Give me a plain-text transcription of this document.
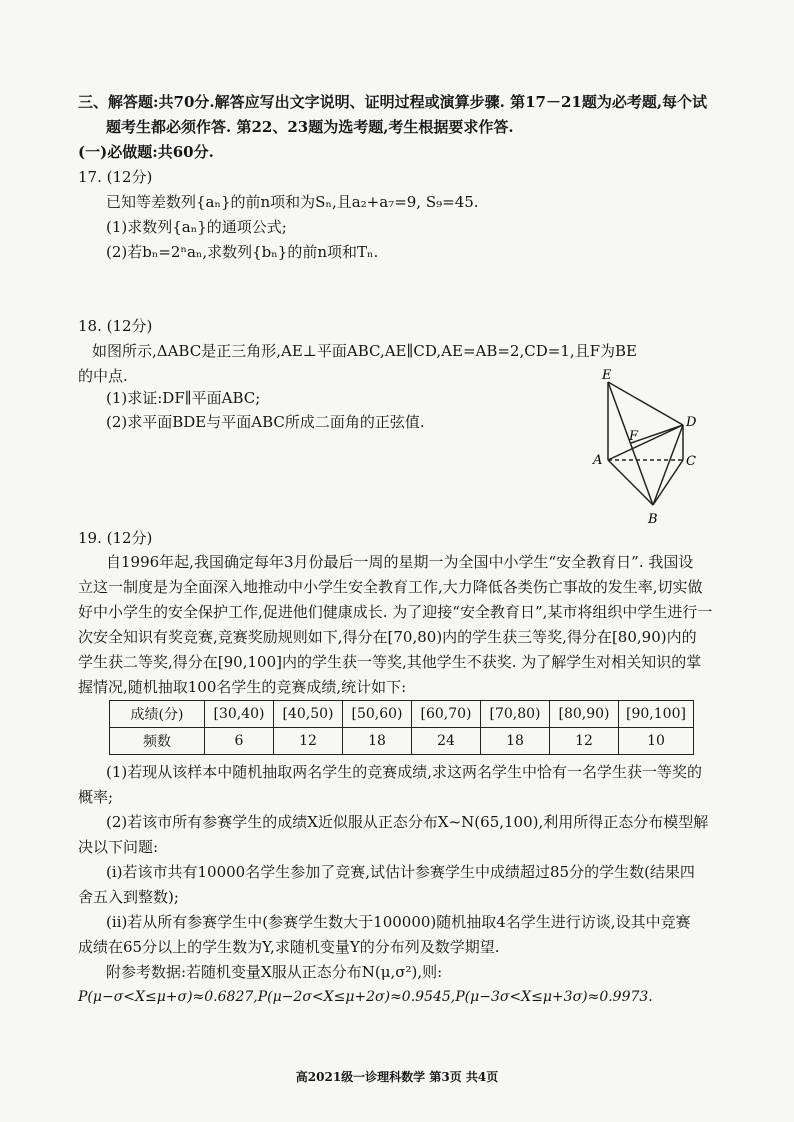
三、解答题:共70分.解答应写出文字说明、证明过程或演算步骤. 第17－21题为必考题,每个试
题考生都必须作答. 第22、23题为选考题,考生根据要求作答.
(一)必做题:共60分.
17. (12分)
已知等差数列{aₙ}的前n项和为Sₙ,且a₂+a₇=9, S₉=45.
(1)求数列{aₙ}的通项公式;
(2)若bₙ=2ⁿaₙ,求数列{bₙ}的前n项和Tₙ.
18. (12分)
如图所示,ΔABC是正三角形,AE⊥平面ABC,AE∥CD,AE=AB=2,CD=1,且F为BE
的中点.
(1)求证:DF∥平面ABC;
(2)求平面BDE与平面ABC所成二面角的正弦值.
E
D
F
A	C
B
19. (12分)
自1996年起,我国确定每年3月份最后一周的星期一为全国中小学生“安全教育日”. 我国设
立这一制度是为全面深入地推动中小学生安全教育工作,大力降低各类伤亡事故的发生率,切实做
好中小学生的安全保护工作,促进他们健康成长. 为了迎接“安全教育日”,某市将组织中学生进行一
次安全知识有奖竞赛,竞赛奖励规则如下,得分在[70,80)内的学生获三等奖,得分在[80,90)内的
学生获二等奖,得分在[90,100]内的学生获一等奖,其他学生不获奖. 为了解学生对相关知识的掌
握情况,随机抽取100名学生的竞赛成绩,统计如下:
成绩(分)	[30,40)	[40,50)	[50,60)	[60,70)	[70,80)	[80,90)	[90,100]
频数	6	12	18	24	18	12	10
(1)若现从该样本中随机抽取两名学生的竞赛成绩,求这两名学生中恰有一名学生获一等奖的
概率;
(2)若该市所有参赛学生的成绩X近似服从正态分布X~N(65,100),利用所得正态分布模型解
决以下问题:
(ⅰ)若该市共有10000名学生参加了竞赛,试估计参赛学生中成绩超过85分的学生数(结果四
舍五入到整数);
(ⅱ)若从所有参赛学生中(参赛学生数大于100000)随机抽取4名学生进行访谈,设其中竞赛
成绩在65分以上的学生数为Y,求随机变量Y的分布列及数学期望.
附参考数据:若随机变量X服从正态分布N(μ,σ²),则:
P(μ−σ<X≤μ+σ)≈0.6827,P(μ−2σ<X≤μ+2σ)≈0.9545,P(μ−3σ<X≤μ+3σ)≈0.9973.
高2021级一诊理科数学 第3页 共4页
